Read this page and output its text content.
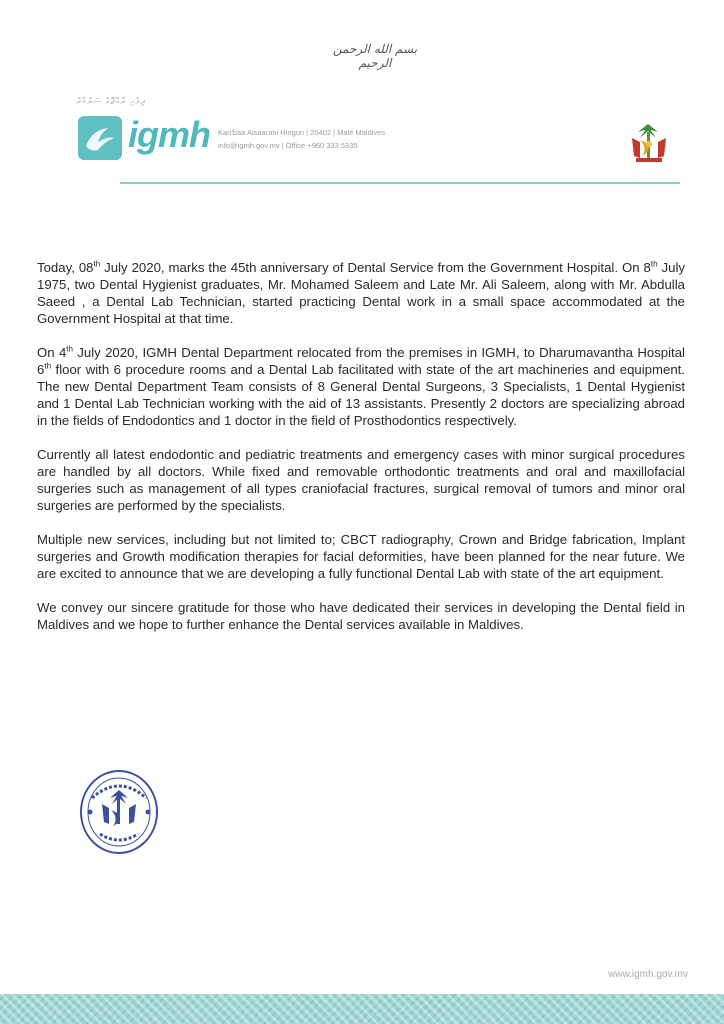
بسم الله الرحمن الرحيم
ދިވެހި ރާއްޖޭގެ ސަރުކާރު
igmh Kan'baa Aisaarani Hingun | 20402 | Malé Maldives
info@igmh.gov.mv | Office +960 333 5335

Today, 08th July 2020, marks the 45th anniversary of Dental Service from the Government Hospital. On 8th July 1975, two Dental Hygienist graduates, Mr. Mohamed Saleem and Late Mr. Ali Saleem, along with Mr. Abdulla Saeed , a Dental Lab Technician, started practicing Dental work in a small space accommodated at the Government Hospital at that time.

On 4th July 2020, IGMH Dental Department relocated from the premises in IGMH, to Dharumavantha Hospital 6th floor with 6 procedure rooms and a Dental Lab facilitated with state of the art machineries and equipment. The new Dental Department Team consists of 8 General Dental Surgeons, 3 Specialists, 1 Dental Hygienist and 1 Dental Lab Technician working with the aid of 13 assistants. Presently 2 doctors are specializing abroad in the fields of Endodontics and 1 doctor in the field of Prosthodontics respectively.

Currently all latest endodontic and pediatric treatments and emergency cases with minor surgical procedures are handled by all doctors. While fixed and removable orthodontic treatments and oral and maxillofacial surgeries such as management of all types craniofacial fractures, surgical removal of tumors and minor oral surgeries are performed by the specialists.

Multiple new services, including but not limited to; CBCT radiography, Crown and Bridge fabrication, Implant surgeries and Growth modification therapies for facial deformities, have been planned for the near future. We are excited to announce that we are developing a fully functional Dental Lab with state of the art equipment.

We convey our sincere gratitude for those who have dedicated their services in developing the Dental field in Maldives and we hope to further enhance the Dental services available in Maldives.

www.igmh.gov.mv
